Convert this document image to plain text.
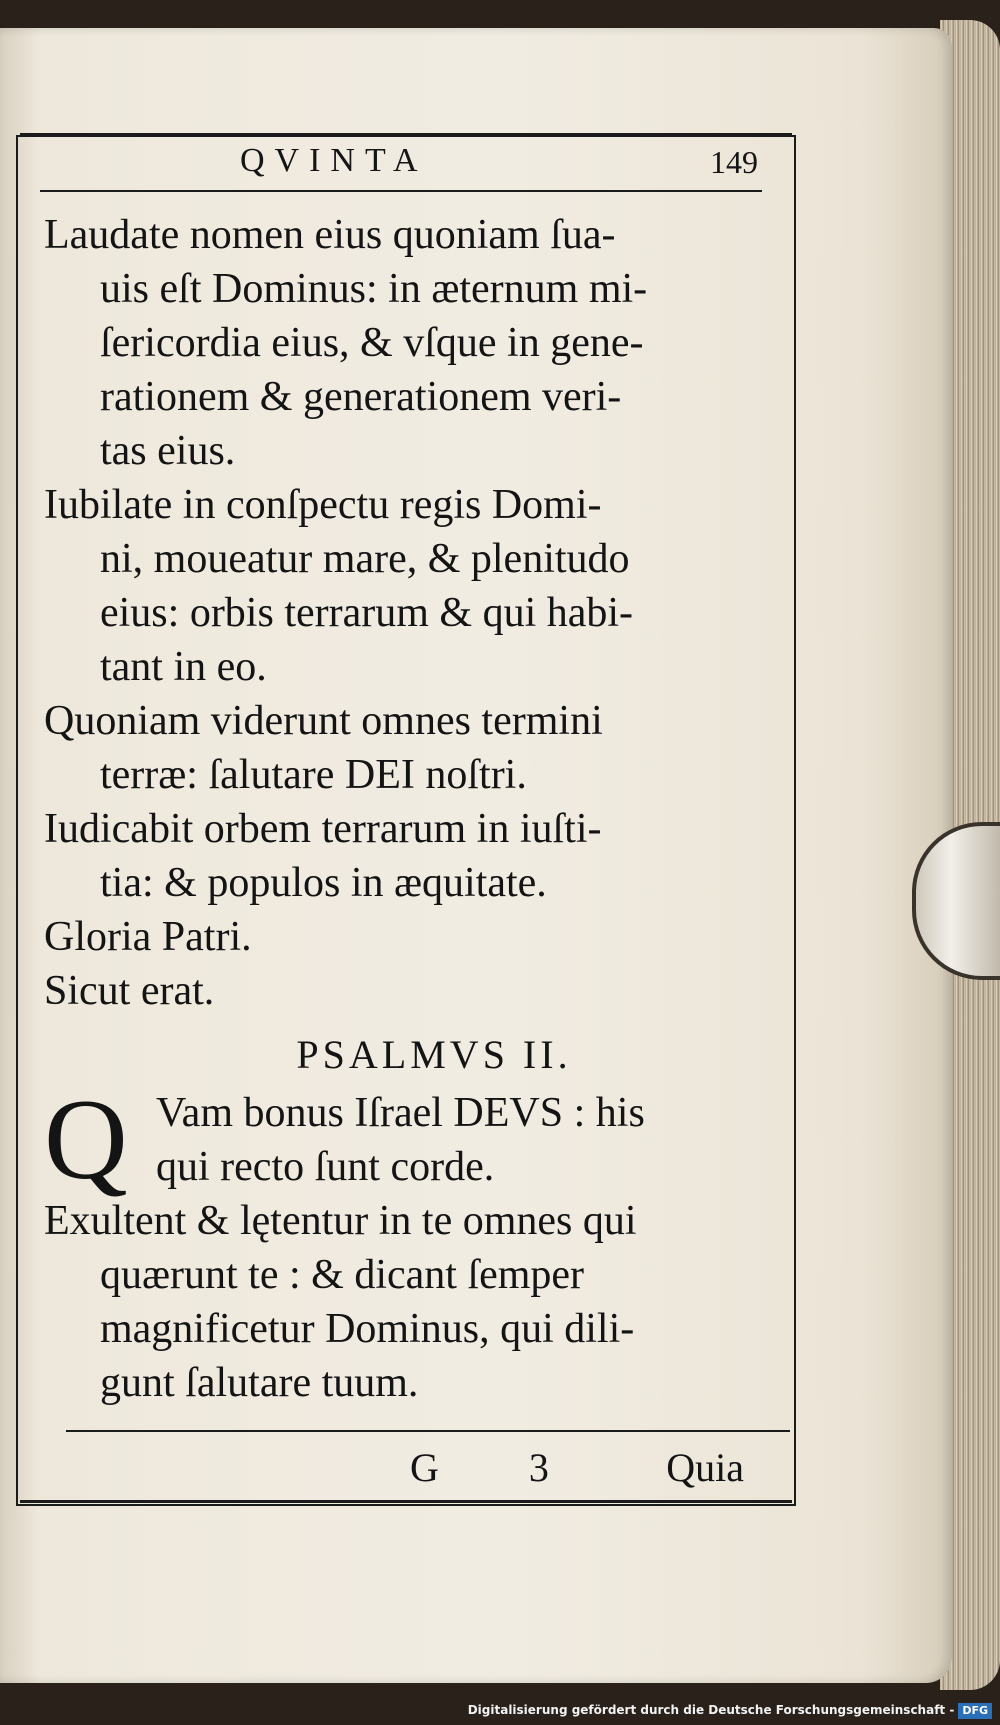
QVINTA	149

Laudate nomen eius quoniam ſua-
uis eſt Dominus: in æternum mi-
ſericordia eius, & vſque in gene-
rationem & generationem veri-
tas eius.

Iubilate in conſpectu regis Domi-
ni, moueatur mare, & plenitudo
eius: orbis terrarum & qui habi-
tant in eo.

Quoniam viderunt omnes termini
terræ: ſalutare DEI noſtri.

Iudicabit orbem terrarum in iuſti-
tia: & populos in æquitate.

Gloria Patri.

Sicut erat.

PSALMVS II.
Q Vam bonus Iſrael DEVS : his
qui recto ſunt corde.

Exultent & lętentur in te omnes qui
quærunt te : & dicant ſemper
magnificetur Dominus, qui dili-
gunt ſalutare tuum.

G 3 Quia
Digitalisierung gefördert durch die Deutsche Forschungsgemeinschaft - DFG
